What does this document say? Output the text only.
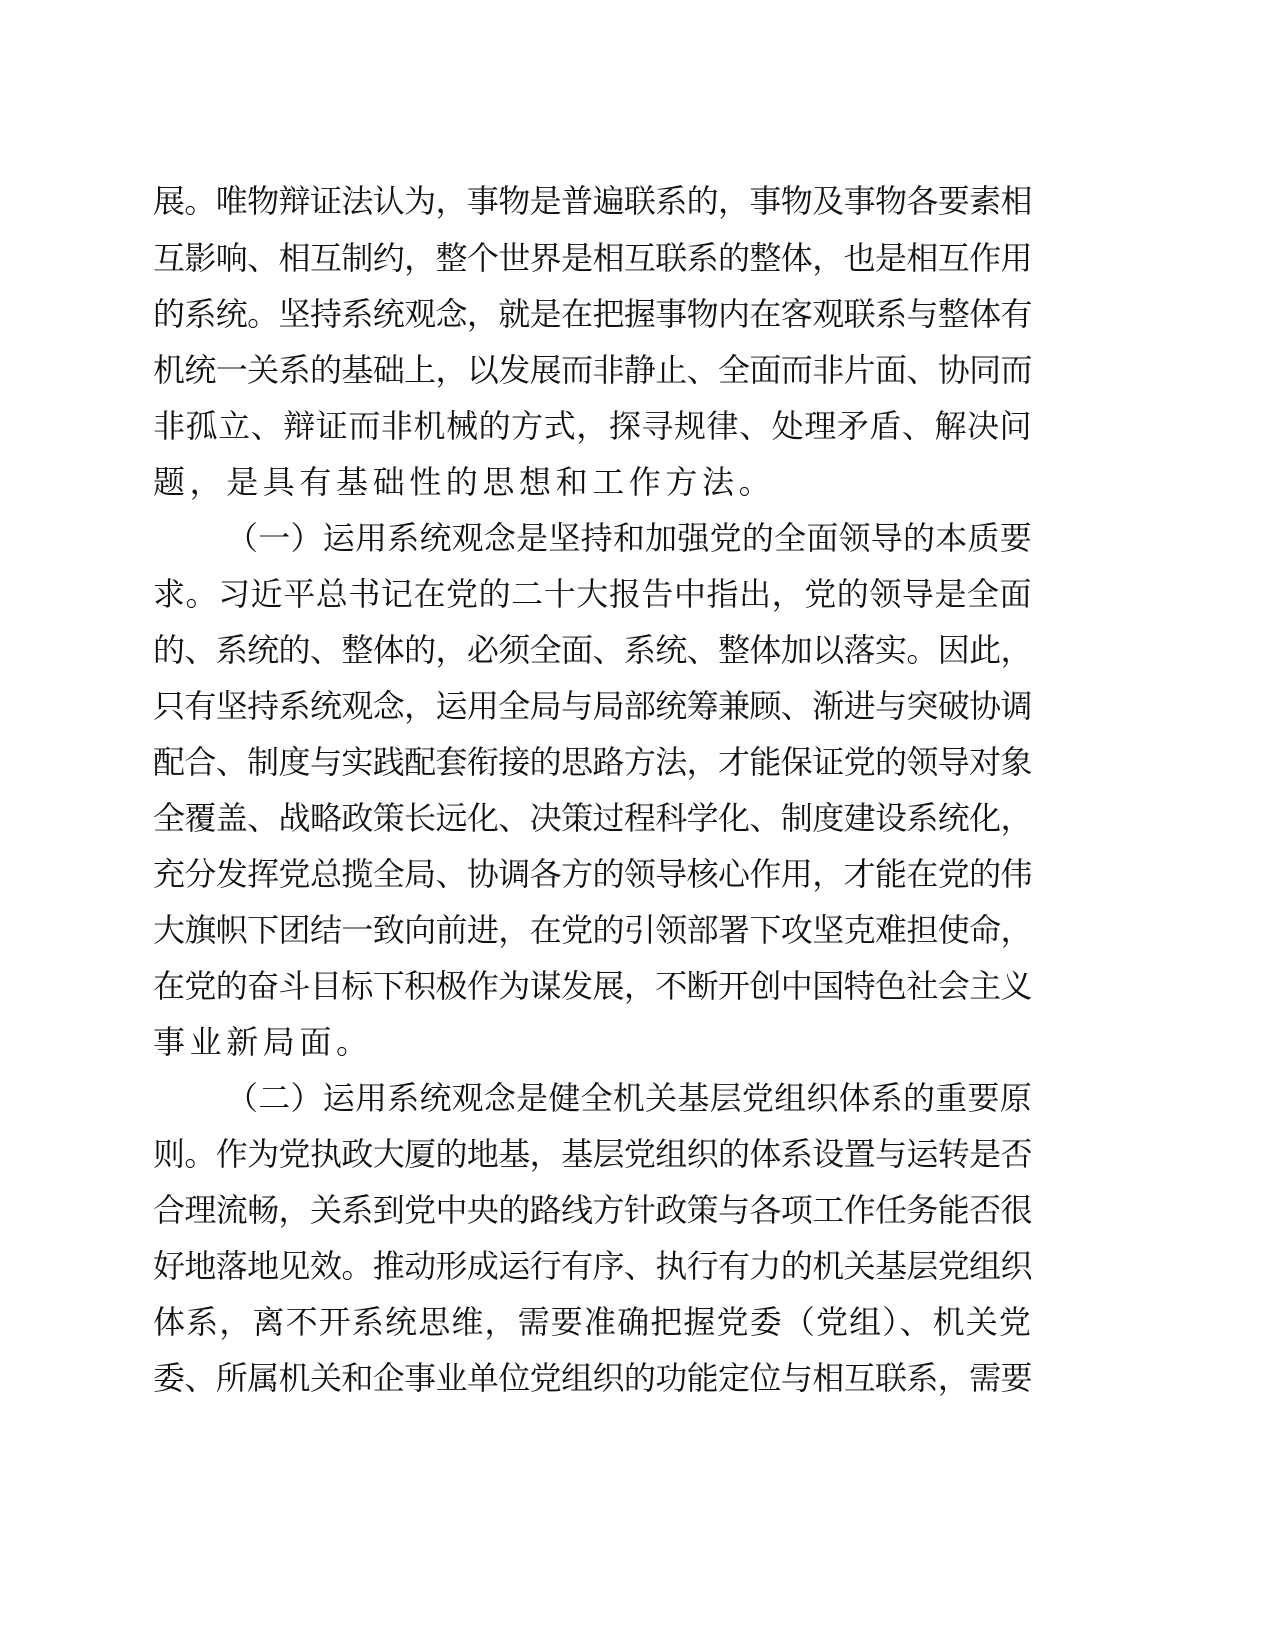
展。唯物辩证法认为，事物是普遍联系的，事物及事物各要素相
互影响、相互制约，整个世界是相互联系的整体，也是相互作用
的系统。坚持系统观念，就是在把握事物内在客观联系与整体有
机统一关系的基础上，以发展而非静止、全面而非片面、协同而
非孤立、辩证而非机械的方式，探寻规律、处理矛盾、解决问
题，是具有基础性的思想和工作方法。
（一）运用系统观念是坚持和加强党的全面领导的本质要
求。习近平总书记在党的二十大报告中指出，党的领导是全面
的、系统的、整体的，必须全面、系统、整体加以落实。因此，
只有坚持系统观念，运用全局与局部统筹兼顾、渐进与突破协调
配合、制度与实践配套衔接的思路方法，才能保证党的领导对象
全覆盖、战略政策长远化、决策过程科学化、制度建设系统化，
充分发挥党总揽全局、协调各方的领导核心作用，才能在党的伟
大旗帜下团结一致向前进，在党的引领部署下攻坚克难担使命，
在党的奋斗目标下积极作为谋发展，不断开创中国特色社会主义
事业新局面。
（二）运用系统观念是健全机关基层党组织体系的重要原
则。作为党执政大厦的地基，基层党组织的体系设置与运转是否
合理流畅，关系到党中央的路线方针政策与各项工作任务能否很
好地落地见效。推动形成运行有序、执行有力的机关基层党组织
体系，离不开系统思维，需要准确把握党委（党组）、机关党
委、所属机关和企事业单位党组织的功能定位与相互联系，需要
